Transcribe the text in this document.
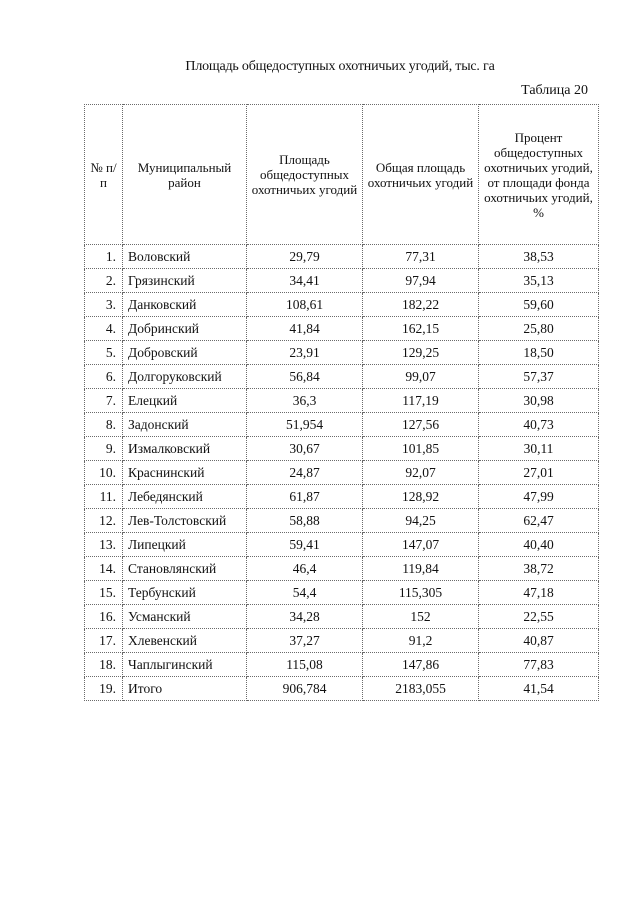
Площадь общедоступных охотничьих угодий, тыс. га
Таблица 20
№ п/п	Муниципальный район	Площадь общедоступных охотничьих угодий	Общая площадь охотничьих угодий	Процент общедоступных охотничьих угодий, от площади фонда охотничьих угодий, %
1.	Воловский	29,79	77,31	38,53
2.	Грязинский	34,41	97,94	35,13
3.	Данковский	108,61	182,22	59,60
4.	Добринский	41,84	162,15	25,80
5.	Добровский	23,91	129,25	18,50
6.	Долгоруковский	56,84	99,07	57,37
7.	Елецкий	36,3	117,19	30,98
8.	Задонский	51,954	127,56	40,73
9.	Измалковский	30,67	101,85	30,11
10.	Краснинский	24,87	92,07	27,01
11.	Лебедянский	61,87	128,92	47,99
12.	Лев-Толстовский	58,88	94,25	62,47
13.	Липецкий	59,41	147,07	40,40
14.	Становлянский	46,4	119,84	38,72
15.	Тербунский	54,4	115,305	47,18
16.	Усманский	34,28	152	22,55
17.	Хлевенский	37,27	91,2	40,87
18.	Чаплыгинский	115,08	147,86	77,83
19.	Итого	906,784	2183,055	41,54
